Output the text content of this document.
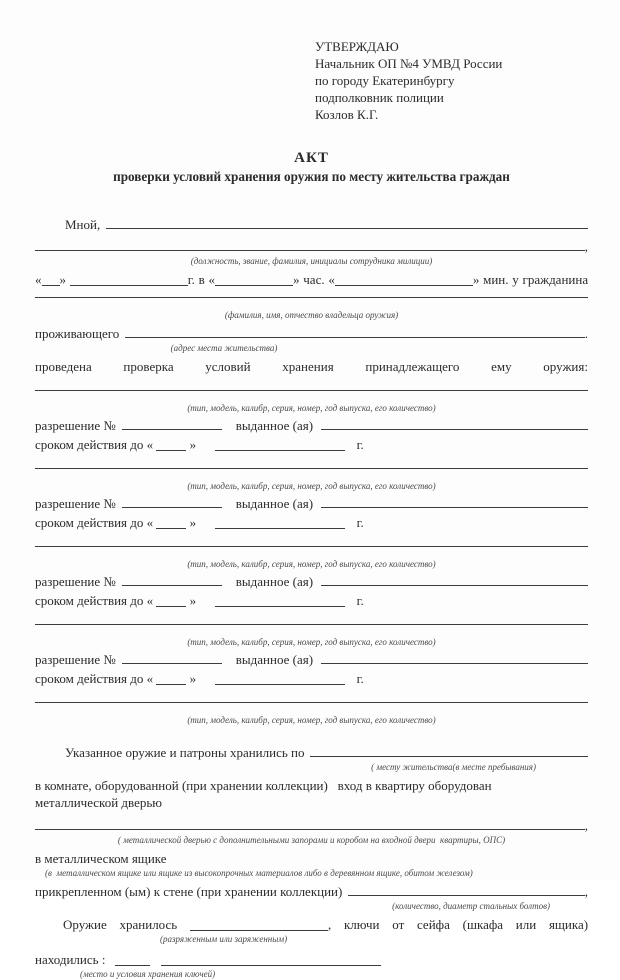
УТВЕРЖДАЮ
Начальник ОП №4 УМВД России
по городу Екатеринбургу
подполковник полиции
Козлов К.Г.
АКТ
проверки условий хранения оружия по месту жительства граждан
Мной,
,
(должность, звание, фамилия, инициалы сотрудника милиции)
« »	г. в «	» час. «	» мин. у гражданина
(фамилия, имя, отчество владельца оружия)
проживающего	.
(адрес места жительства)
проведена проверка условий хранения принадлежащего ему оружия:
(тип, модель, калибр, серия, номер, год выпуска, его количество)
разрешение №	выданное (ая)
сроком действия до «	»	г.
(тип, модель, калибр, серия, номер, год выпуска, его количество)
разрешение №	выданное (ая)
сроком действия до «	»	г.
(тип, модель, калибр, серия, номер, год выпуска, его количество)
разрешение №	выданное (ая)
сроком действия до «	»	г.
(тип, модель, калибр, серия, номер, год выпуска, его количество)
разрешение №	выданное (ая)
сроком действия до «	»	г.
(тип, модель, калибр, серия, номер, год выпуска, его количество)
Указанное оружие и патроны хранились по
( месту жительства(в месте пребывания)
в комнате, оборудованной (при хранении коллекции)   вход в квартиру оборудован
металлической дверью
,
( металлической дверью с дополнительными запорами и коробом на входной двери  квартиры, ОПС)
в металлическом ящике
(в  металлическом ящике или ящике из высокопрочных материалов либо в деревянном ящике, обитом железом)
прикрепленном (ым) к стене (при хранении коллекции)	,
(количество, диаметр стальных болтов)
Оружие хранилось	, ключи от сейфа (шкафа или ящика)
(разряженным или заряженным)
находились :
(место и условия хранения ключей)
